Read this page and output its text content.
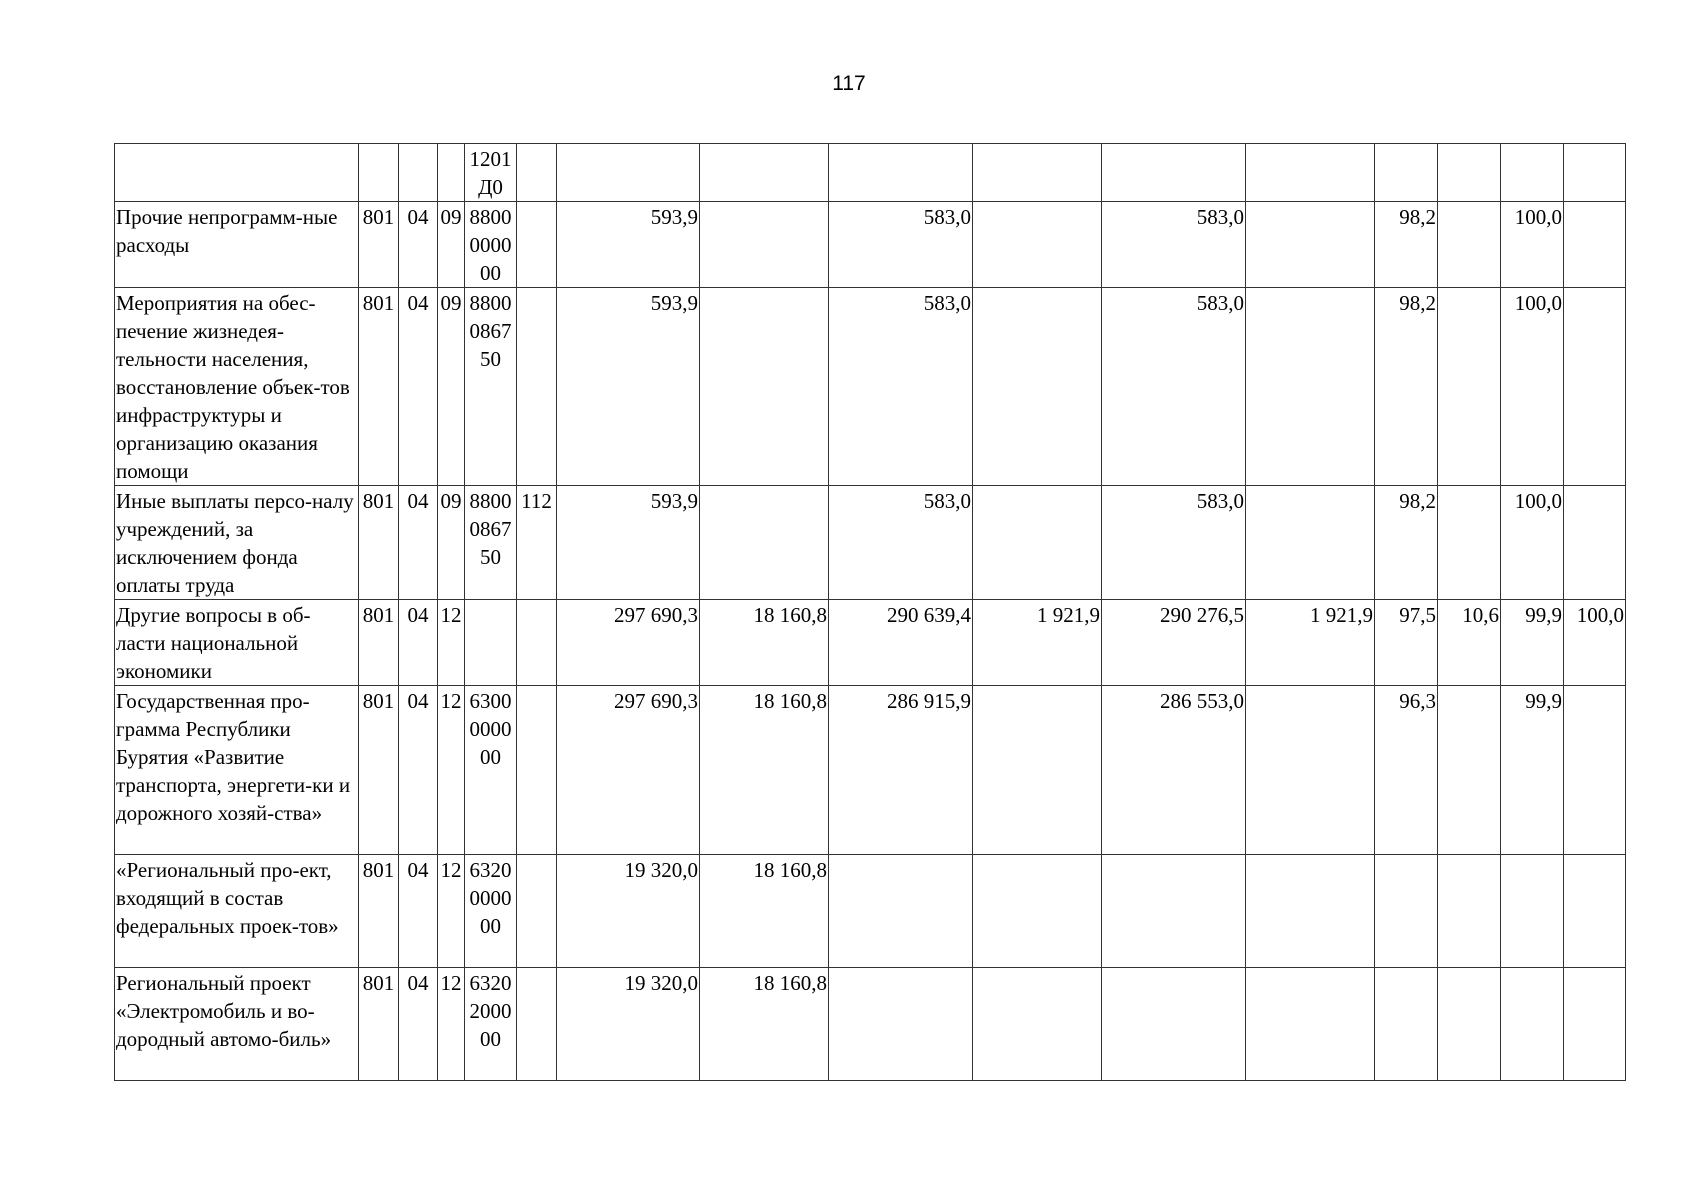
117
				1201Д0											
Прочие непрограмм-ные расходы	801	04	09	8800000000		593,9		583,0		583,0		98,2		100,0	
Мероприятия на обес-печение жизнедея-тельности населения, восстановление объек-тов инфраструктуры и организацию оказания помощи	801	04	09	8800086750		593,9		583,0		583,0		98,2		100,0	
Иные выплаты персо-налу учреждений, за исключением фонда оплаты труда	801	04	09	8800086750	112	593,9		583,0		583,0		98,2		100,0	
Другие вопросы в об-ласти национальной экономики	801	04	12			297 690,3	18 160,8	290 639,4	1 921,9	290 276,5	1 921,9	97,5	10,6	99,9	100,0
Государственная про-грамма Республики Бурятия «Развитие транспорта, энергети-ки и дорожного хозяй-ства»	801	04	12	6300000000		297 690,3	18 160,8	286 915,9		286 553,0		96,3		99,9	
«Региональный про-ект, входящий в состав федеральных проек-тов»	801	04	12	6320000000		19 320,0	18 160,8								
Региональный проект «Электромобиль и во-дородный автомо-биль»	801	04	12	6320200000		19 320,0	18 160,8								
